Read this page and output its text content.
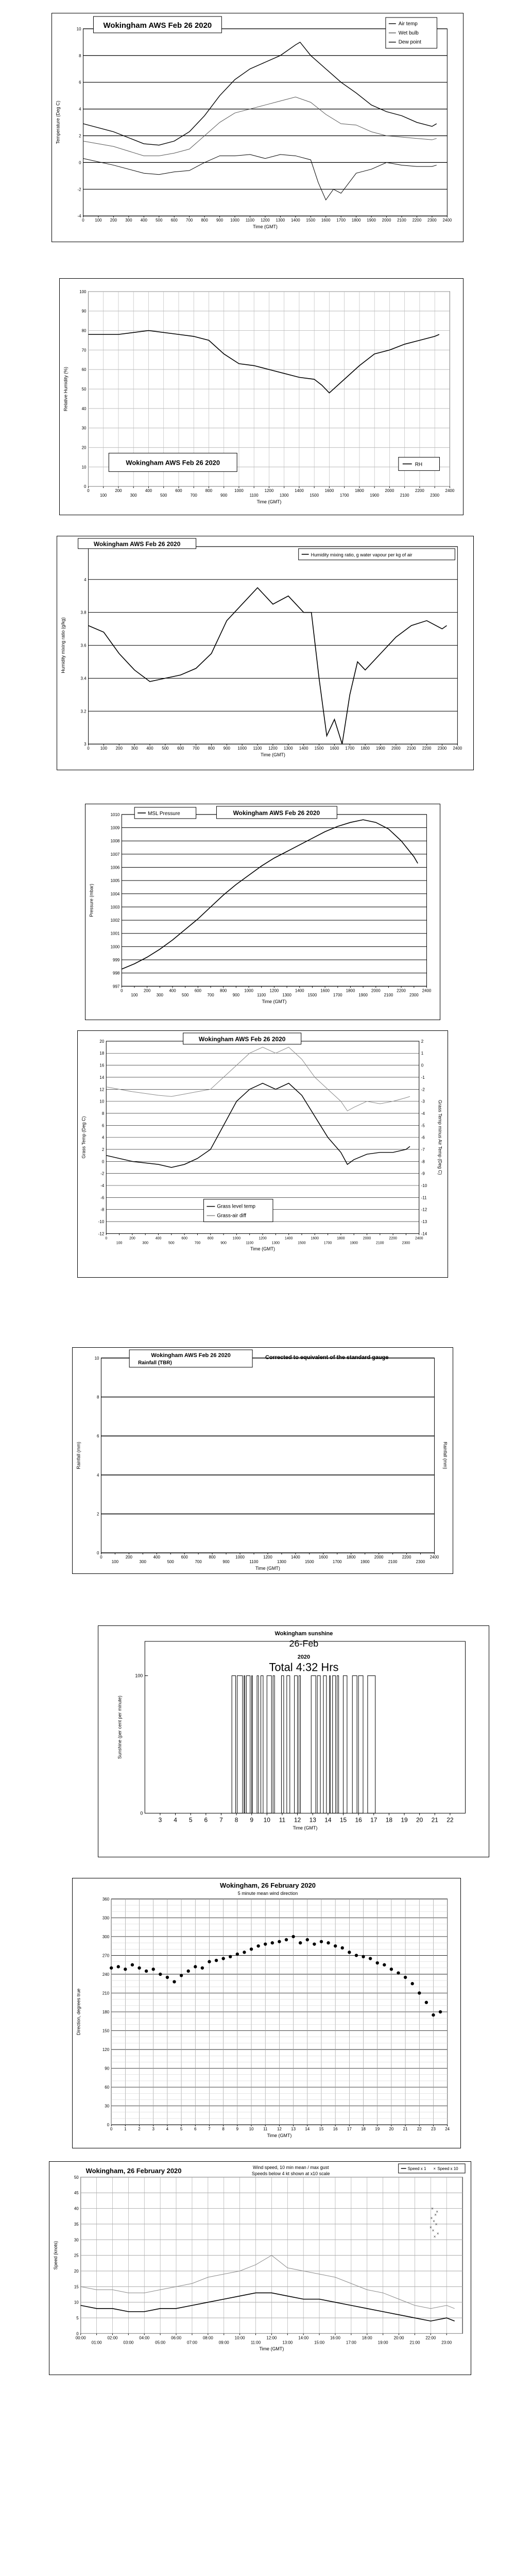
-4
-2
0
2
4
6
8
10
0	100 200 300 400 500 600 700 800 900 1000 1100 1200 1300 1400 1500 1600 1700 1800 1900 2000 2100 2200 2300 2400
Time (GMT)
Temperature (Deg C)
Wokingham AWS Feb 26 2020	Air temp
Wet bulb
Dew point
0
10
20
30
40
50
60
70
80
90
100
0
100
200
300
400
500
600
700
800
900
1000
1100
1200
1300
1400
1500
1600
1700
1800
1900
2000
2100
2200
2300
2400
Time (GMT)
Relative Humidity (%)
Wokingham AWS Feb 26 2020	RH
3
3.2
3.4
3.6
3.8
4
0	100 200 300 400 500 600 700 800 900 1000 1100 1200 1300 1400 1500 1600 1700 1800 1900 2000 2100 2200 2300 2400
Time (GMT)
Humidity mixing ratio (g/kg)
Wokingham AWS Feb 26 2020
Humidity mixing ratio, g water vapour per kg of air
997
998
999
1000
1001
1002
1003
1004
1005
1006
1007
1008
1009
1010
0
100
200
300
400
500
600
700
800
900
1000
1100
1200
1300
1400
1500
1600
1700
1800
1900
2000
2100
2200
2300
2400
Time (GMT)
Pressure (mbar)
MSL Pressure	Wokingham AWS Feb 26 2020
-12
-10
-8
-6
-4
-2
0
2
4
6
8
10
12
14
16
18
20
0
100
200
300
400
500
600
700
800
900
1000
1100
1200
1300
1400
1500
1600
1700
1800
1900
2000
2100
2200
2300
2400
-14
-13
-12
-11
-10
-9
-8
-7
-6
-5
-4
-3
-2
-1
0
1
2
Time (GMT)
Grass Temp (Deg C)	Grass Temp minus Air Temp (Deg C)
Wokingham AWS Feb 26 2020
Grass level temp
Grass-air diff
0
2
4
6
8
10
0
100
200
300
400
500
600
700
800
900
1000
1100
1200
1300
1400
1500
1600
1700
1800
1900
2000
2100
2200
2300
2400
Time (GMT)
Rainfall (mm)	Rainfall (mm)
Wokingham AWS Feb 26 2020
Rainfall (TBR)
Corrected to equivalent of the standard gauge
100
0
3 4 5 6 7 8 9 10 11 12 13 14 15 16 17 18 19 20 21 22
Time (GMT)
Sunshine (per cent per minute)
Wokingham sunshine
26-Feb
2020
Total 4:32 Hrs
0
30
60
90
120
150
180
210
240
270
300
330
360
0	1	2	3	4	5	6	7	8	9	10 11 12 13 14 15 16 17 18 19 20 21 22 23 24
Time (GMT)
Direction, degrees true
Wokingham, 26 February 2020
5 minute mean wind direction
0
5
10
15
20
25
30
35
40
45
50
00:00
01:00
02:00
03:00
04:00
05:00
06:00
07:00
08:00
09:00
10:00
11:00
12:00
13:00
14:00
15:00
16:00
17:00
18:00
19:00
20:00
21:00
22:00
23:00
×
×
×
×
×
×
×
×
×
×
Time (GMT)
Speed (knots)
Wokingham, 26 February 2020	Wind speed, 10 min mean / max gust
Speeds below 4 kt shown at x10 scale
Speed x 1 × Speed x 10
